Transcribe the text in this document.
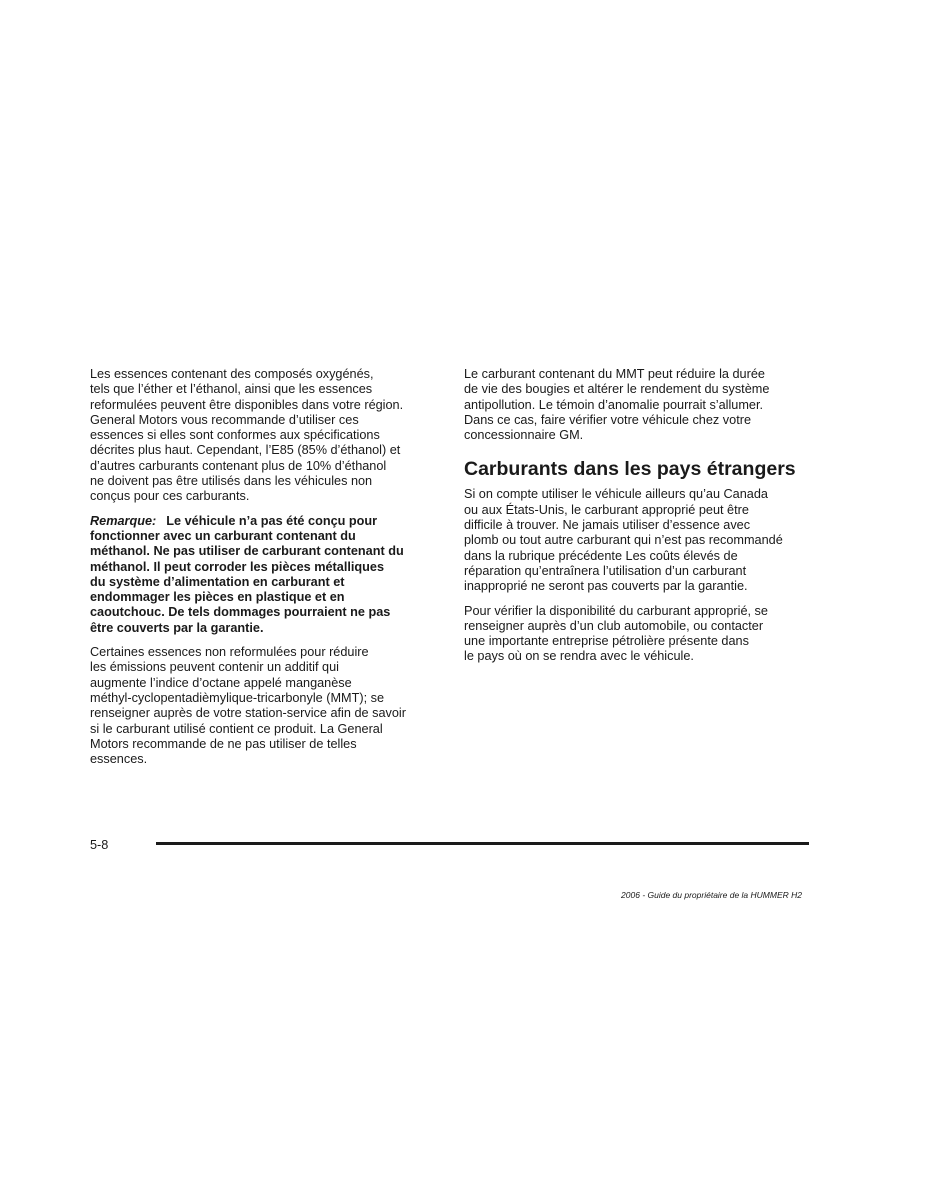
Les essences contenant des composés oxygénés,
tels que l’éther et l’éthanol, ainsi que les essences
reformulées peuvent être disponibles dans votre région.
General Motors vous recommande d’utiliser ces
essences si elles sont conformes aux spécifications
décrites plus haut. Cependant, l’E85 (85% d’éthanol) et
d’autres carburants contenant plus de 10% d’éthanol
ne doivent pas être utilisés dans les véhicules non
conçus pour ces carburants.

Remarque: Le véhicule n’a pas été conçu pour
fonctionner avec un carburant contenant du
méthanol. Ne pas utiliser de carburant contenant du
méthanol. Il peut corroder les pièces métalliques
du système d’alimentation en carburant et
endommager les pièces en plastique et en
caoutchouc. De tels dommages pourraient ne pas
être couverts par la garantie.

Certaines essences non reformulées pour réduire
les émissions peuvent contenir un additif qui
augmente l’indice d’octane appelé manganèse
méthyl-cyclopentadièmylique-tricarbonyle (MMT); se
renseigner auprès de votre station-service afin de savoir
si le carburant utilisé contient ce produit. La General
Motors recommande de ne pas utiliser de telles
essences.

Le carburant contenant du MMT peut réduire la durée
de vie des bougies et altérer le rendement du système
antipollution. Le témoin d’anomalie pourrait s’allumer.
Dans ce cas, faire vérifier votre véhicule chez votre
concessionnaire GM.

Carburants dans les pays étrangers

Si on compte utiliser le véhicule ailleurs qu’au Canada
ou aux États-Unis, le carburant approprié peut être
difficile à trouver. Ne jamais utiliser d’essence avec
plomb ou tout autre carburant qui n’est pas recommandé
dans la rubrique précédente Les coûts élevés de
réparation qu’entraînera l’utilisation d’un carburant
inapproprié ne seront pas couverts par la garantie.

Pour vérifier la disponibilité du carburant approprié, se
renseigner auprès d’un club automobile, ou contacter
une importante entreprise pétrolière présente dans
le pays où on se rendra avec le véhicule.

5-8
2006 - Guide du propriétaire de la HUMMER H2
